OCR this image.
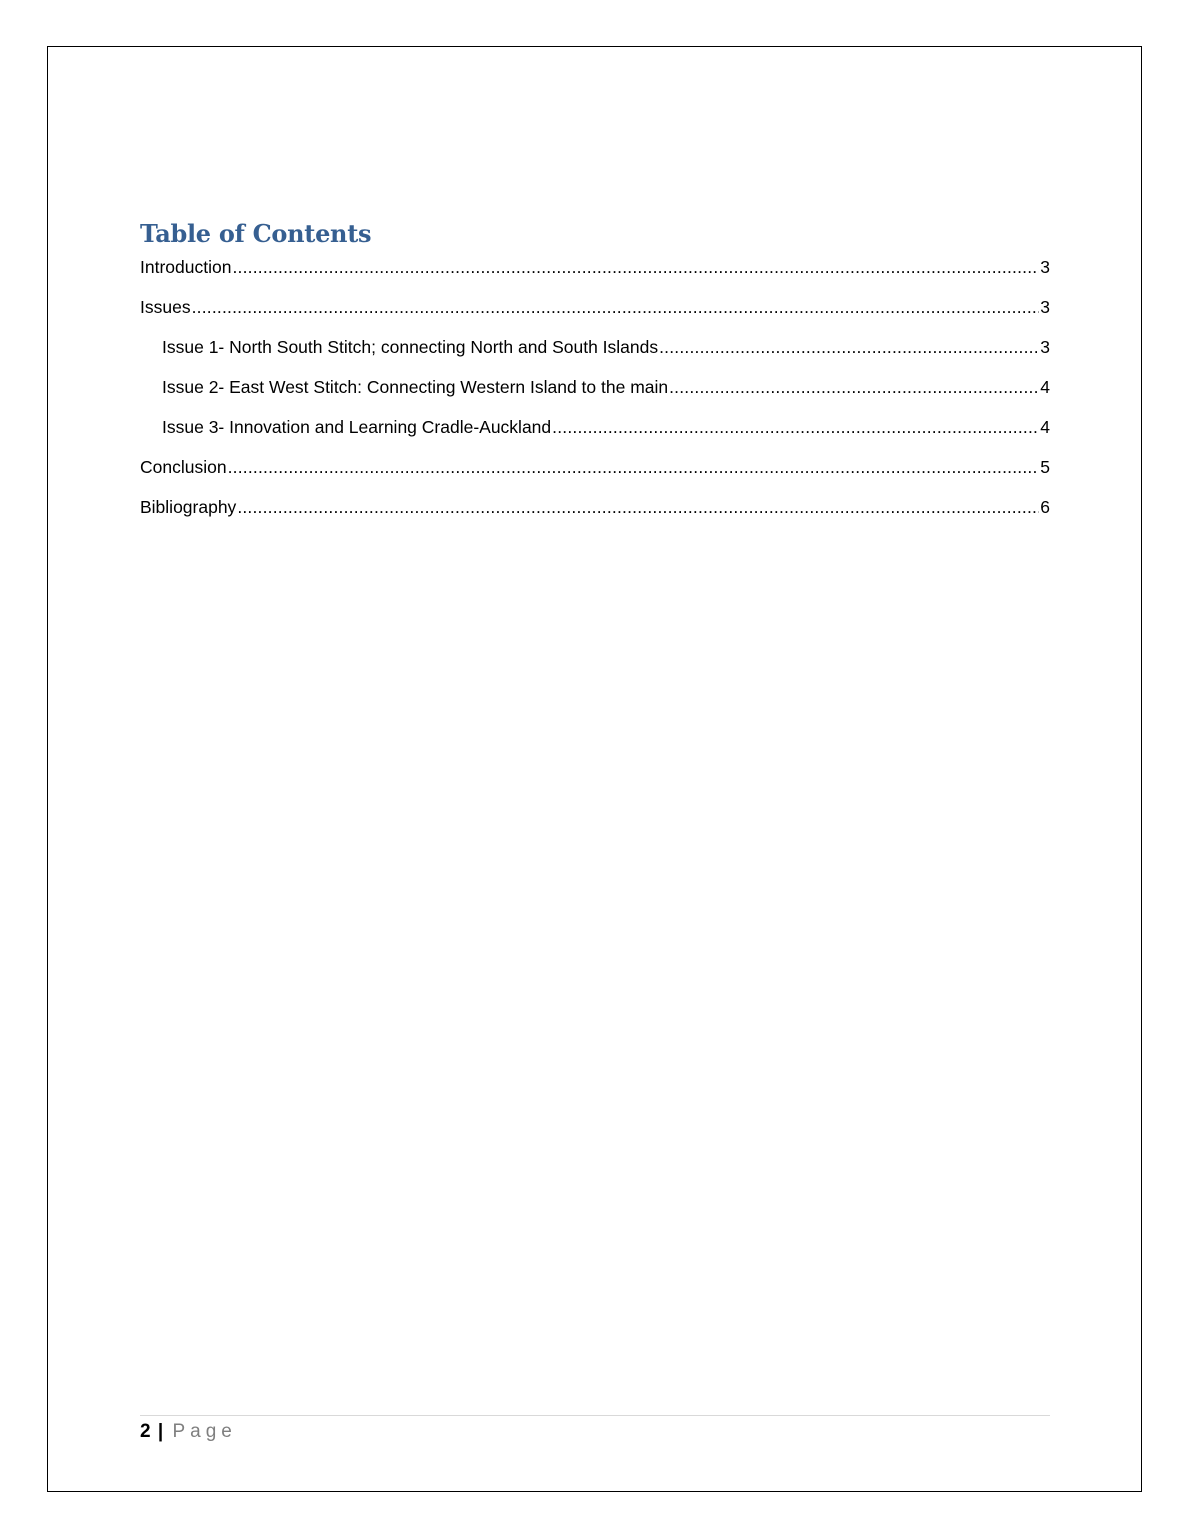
Table of Contents
Introduction .....	3
Issues .....	3
Issue 1- North South Stitch; connecting North and South Islands .....	3
Issue 2- East West Stitch: Connecting Western Island to the main .....	4
Issue 3- Innovation and Learning Cradle-Auckland .....	4
Conclusion .....	5
Bibliography .....	6
2 | Page
